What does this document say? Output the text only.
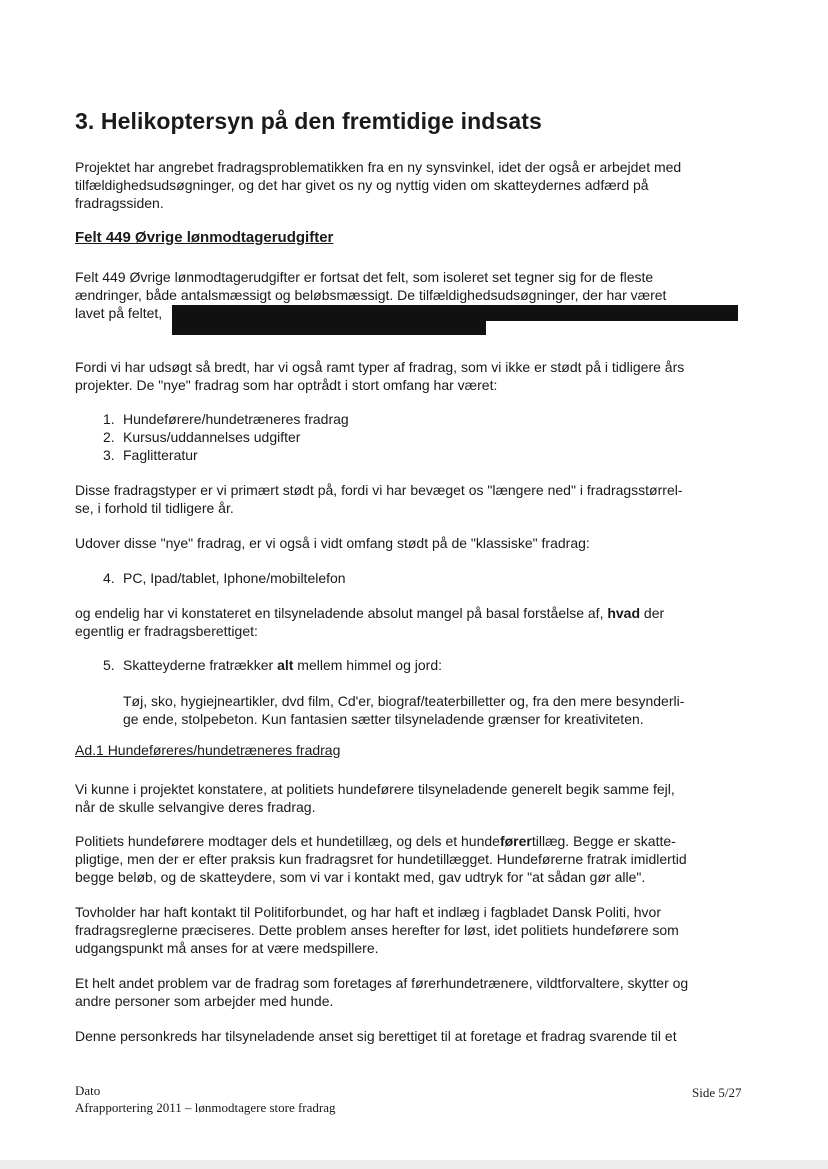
3. Helikoptersyn på den fremtidige indsats
Projektet har angrebet fradragsproblematikken fra en ny synsvinkel, idet der også er arbejdet med
tilfældighedsudsøgninger, og det har givet os ny og nyttig viden om skatteydernes adfærd på
fradragssiden.
Felt 449 Øvrige lønmodtagerudgifter
Felt 449 Øvrige lønmodtagerudgifter er fortsat det felt, som isoleret set tegner sig for de fleste
ændringer, både antalsmæssigt og beløbsmæssigt. De tilfældighedsudsøgninger, der har været
lavet på feltet,
Fordi vi har udsøgt så bredt, har vi også ramt typer af fradrag, som vi ikke er stødt på i tidligere års
projekter. De "nye" fradrag som har optrådt i stort omfang har været:
1. Hundeførere/hundetræneres fradrag
2. Kursus/uddannelses udgifter
3. Faglitteratur
Disse fradragstyper er vi primært stødt på, fordi vi har bevæget os "længere ned" i fradragsstørrel-
se, i forhold til tidligere år.
Udover disse "nye" fradrag, er vi også i vidt omfang stødt på de "klassiske" fradrag:
4. PC, Ipad/tablet, Iphone/mobiltelefon
og endelig har vi konstateret en tilsyneladende absolut mangel på basal forståelse af, hvad der
egentlig er fradragsberettiget:
5. Skatteyderne fratrækker alt mellem himmel og jord:
Tøj, sko, hygiejneartikler, dvd film, Cd'er, biograf/teaterbilletter og, fra den mere besynderli-
ge ende, stolpebeton. Kun fantasien sætter tilsyneladende grænser for kreativiteten.
Ad.1 Hundeføreres/hundetræneres fradrag
Vi kunne i projektet konstatere, at politiets hundeførere tilsyneladende generelt begik samme fejl,
når de skulle selvangive deres fradrag.
Politiets hundeførere modtager dels et hundetillæg, og dels et hundeførertillæg. Begge er skatte-
pligtige, men der er efter praksis kun fradragsret for hundetillægget. Hundeførerne fratrak imidlertid
begge beløb, og de skatteydere, som vi var i kontakt med, gav udtryk for "at sådan gør alle".
Tovholder har haft kontakt til Politiforbundet, og har haft et indlæg i fagbladet Dansk Politi, hvor
fradragsreglerne præciseres. Dette problem anses herefter for løst, idet politiets hundeførere som
udgangspunkt må anses for at være medspillere.
Et helt andet problem var de fradrag som foretages af førerhundetrænere, vildtforvaltere, skytter og
andre personer som arbejder med hunde.
Denne personkreds har tilsyneladende anset sig berettiget til at foretage et fradrag svarende til et
Dato
Afrapportering 2011 – lønmodtagere store fradrag
Side 5/27
